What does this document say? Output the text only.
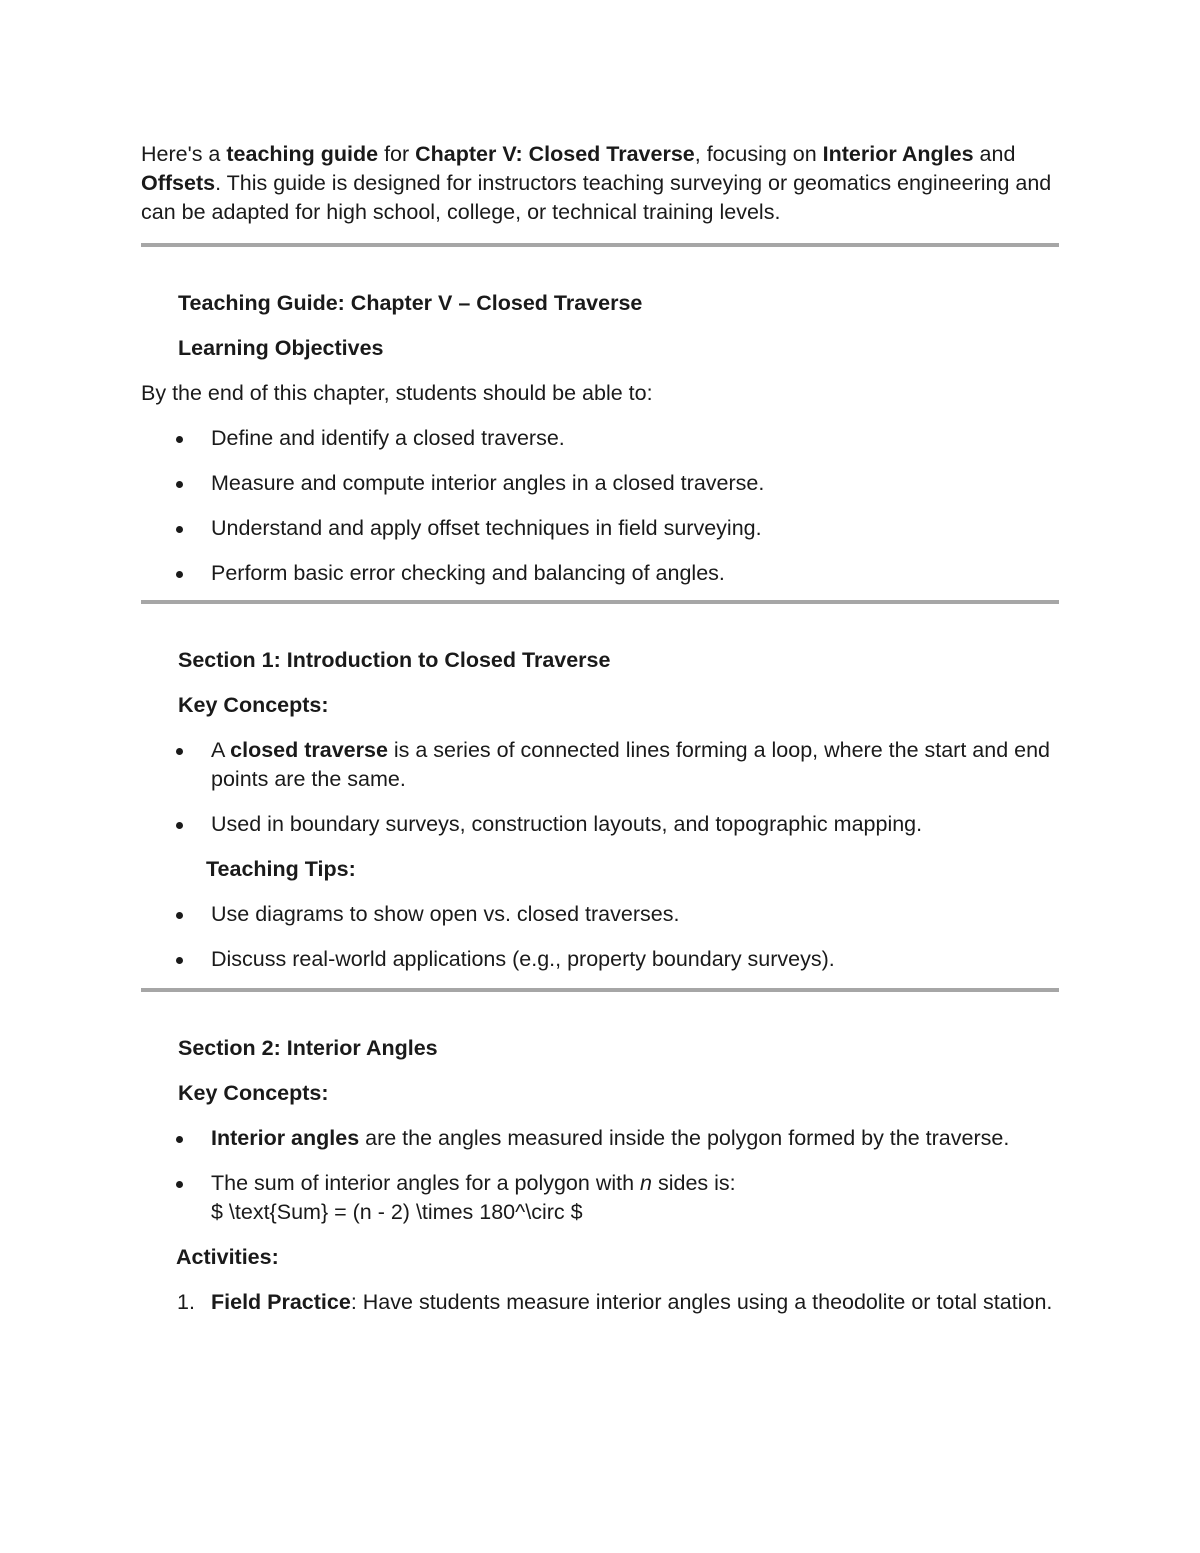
Here's a teaching guide for Chapter V: Closed Traverse, focusing on Interior Angles and Offsets. This guide is designed for instructors teaching surveying or geomatics engineering and can be adapted for high school, college, or technical training levels.

Teaching Guide: Chapter V – Closed Traverse

Learning Objectives

By the end of this chapter, students should be able to:

Define and identify a closed traverse.
Measure and compute interior angles in a closed traverse.
Understand and apply offset techniques in field surveying.
Perform basic error checking and balancing of angles.

Section 1: Introduction to Closed Traverse

Key Concepts:

A closed traverse is a series of connected lines forming a loop, where the start and end points are the same.
Used in boundary surveys, construction layouts, and topographic mapping.

Teaching Tips:

Use diagrams to show open vs. closed traverses.
Discuss real-world applications (e.g., property boundary surveys).

Section 2: Interior Angles

Key Concepts:

Interior angles are the angles measured inside the polygon formed by the traverse.
The sum of interior angles for a polygon with n sides is:
$ \text{Sum} = (n - 2) \times 180^\circ $

Activities:

1. Field Practice: Have students measure interior angles using a theodolite or total station.
